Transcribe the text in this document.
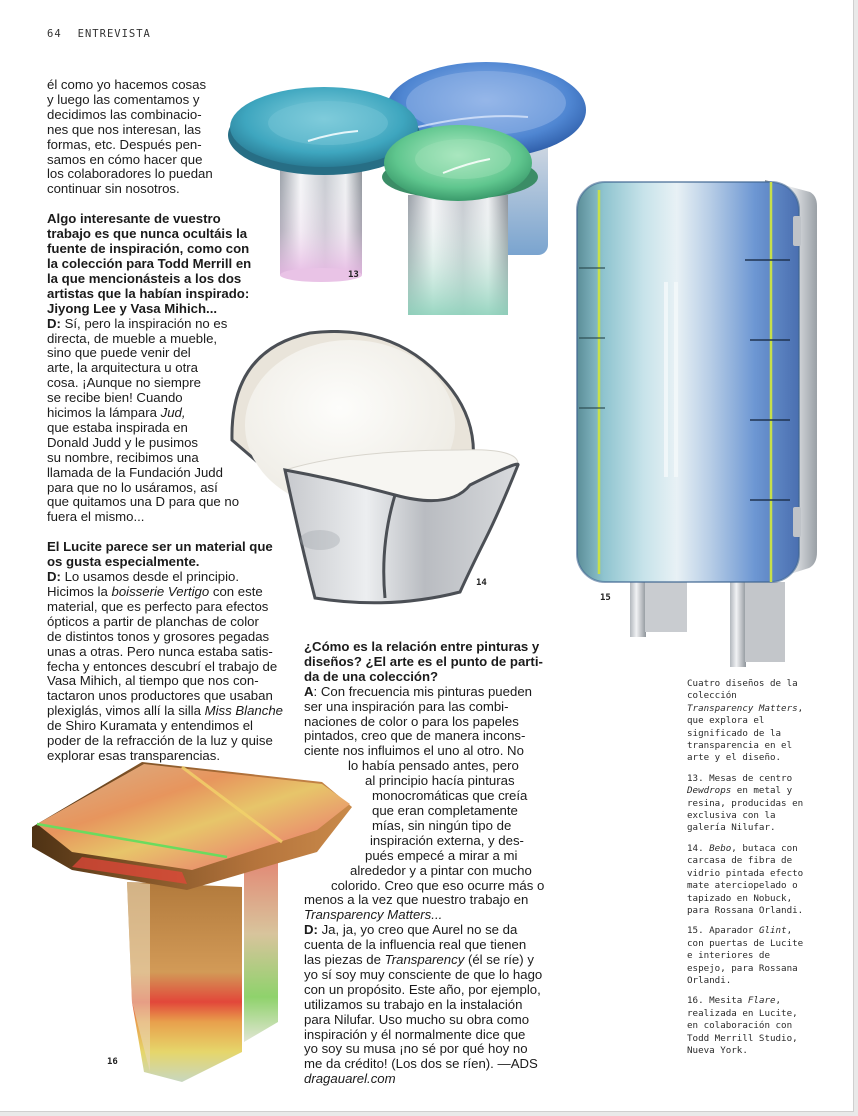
64 ENTREVISTA
13
15
14
16

él como yo hacemos cosas
y luego las comentamos y
decidimos las combinacio-
nes que nos interesan, las
formas, etc. Después pen-
samos en cómo hacer que
los colaboradores lo puedan
continuar sin nosotros.

Algo interesante de vuestro
trabajo es que nunca ocultáis la
fuente de inspiración, como con
la colección para Todd Merrill en
la que mencionásteis a los dos
artistas que la habían inspirado:
Jiyong Lee y Vasa Mihich...

D: Sí, pero la inspiración no es
directa, de mueble a mueble,
sino que puede venir del
arte, la arquitectura u otra
cosa. ¡Aunque no siempre
se recibe bien! Cuando
hicimos la lámpara Jud,
que estaba inspirada en
Donald Judd y le pusimos
su nombre, recibimos una
llamada de la Fundación Judd
para que no lo usáramos, así
que quitamos una D para que no
fuera el mismo...

El Lucite parece ser un material que
os gusta especialmente.

D: Lo usamos desde el principio.
Hicimos la boisserie Vertigo con este
material, que es perfecto para efectos
ópticos a partir de planchas de color
de distintos tonos y grosores pegadas
unas a otras. Pero nunca estaba satis-
fecha y entonces descubrí el trabajo de
Vasa Mihich, al tiempo que nos con-
tactaron unos productores que usaban
plexiglás, vimos allí la silla Miss Blanche
de Shiro Kuramata y entendimos el
poder de la refracción de la luz y quise
explorar esas transparencias.

¿Cómo es la relación entre pinturas y
diseños? ¿El arte es el punto de parti-
da de una colección?

A: Con frecuencia mis pinturas pueden
ser una inspiración para las combi-
naciones de color o para los papeles
pintados, creo que de manera incons-
ciente nos influimos el uno al otro. No
lo había pensado antes, pero
al principio hacía pinturas
monocromáticas que creía
que eran completamente
mías, sin ningún tipo de
inspiración externa, y des-
pués empecé a mirar a mi
alrededor y a pintar con mucho
colorido. Creo que eso ocurre más o
menos a la vez que nuestro trabajo en
Transparency Matters...

D: Ja, ja, yo creo que Aurel no se da
cuenta de la influencia real que tienen
las piezas de Transparency (él se ríe) y
yo sí soy muy consciente de que lo hago
con un propósito. Este año, por ejemplo,
utilizamos su trabajo en la instalación
para Nilufar. Uso mucho su obra como
inspiración y él normalmente dice que
yo soy su musa ¡no sé por qué hoy no
me da crédito! (Los dos se ríen). —ADS
dragauarel.com

Cuatro diseños de la colección Transparency Matters, que explora el significado de la transparencia en el arte y el diseño.

13. Mesas de centro Dewdrops en metal y resina, producidas en exclusiva con la galería Nilufar.

14. Bebo, butaca con carcasa de fibra de vidrio pintada efecto mate aterciopelado o tapizado en Nobuck, para Rossana Orlandi.

15. Aparador Glint, con puertas de Lucite e interiores de espejo, para Rossana Orlandi.

16. Mesita Flare, realizada en Lucite, en colaboración con Todd Merrill Studio, Nueva York.
